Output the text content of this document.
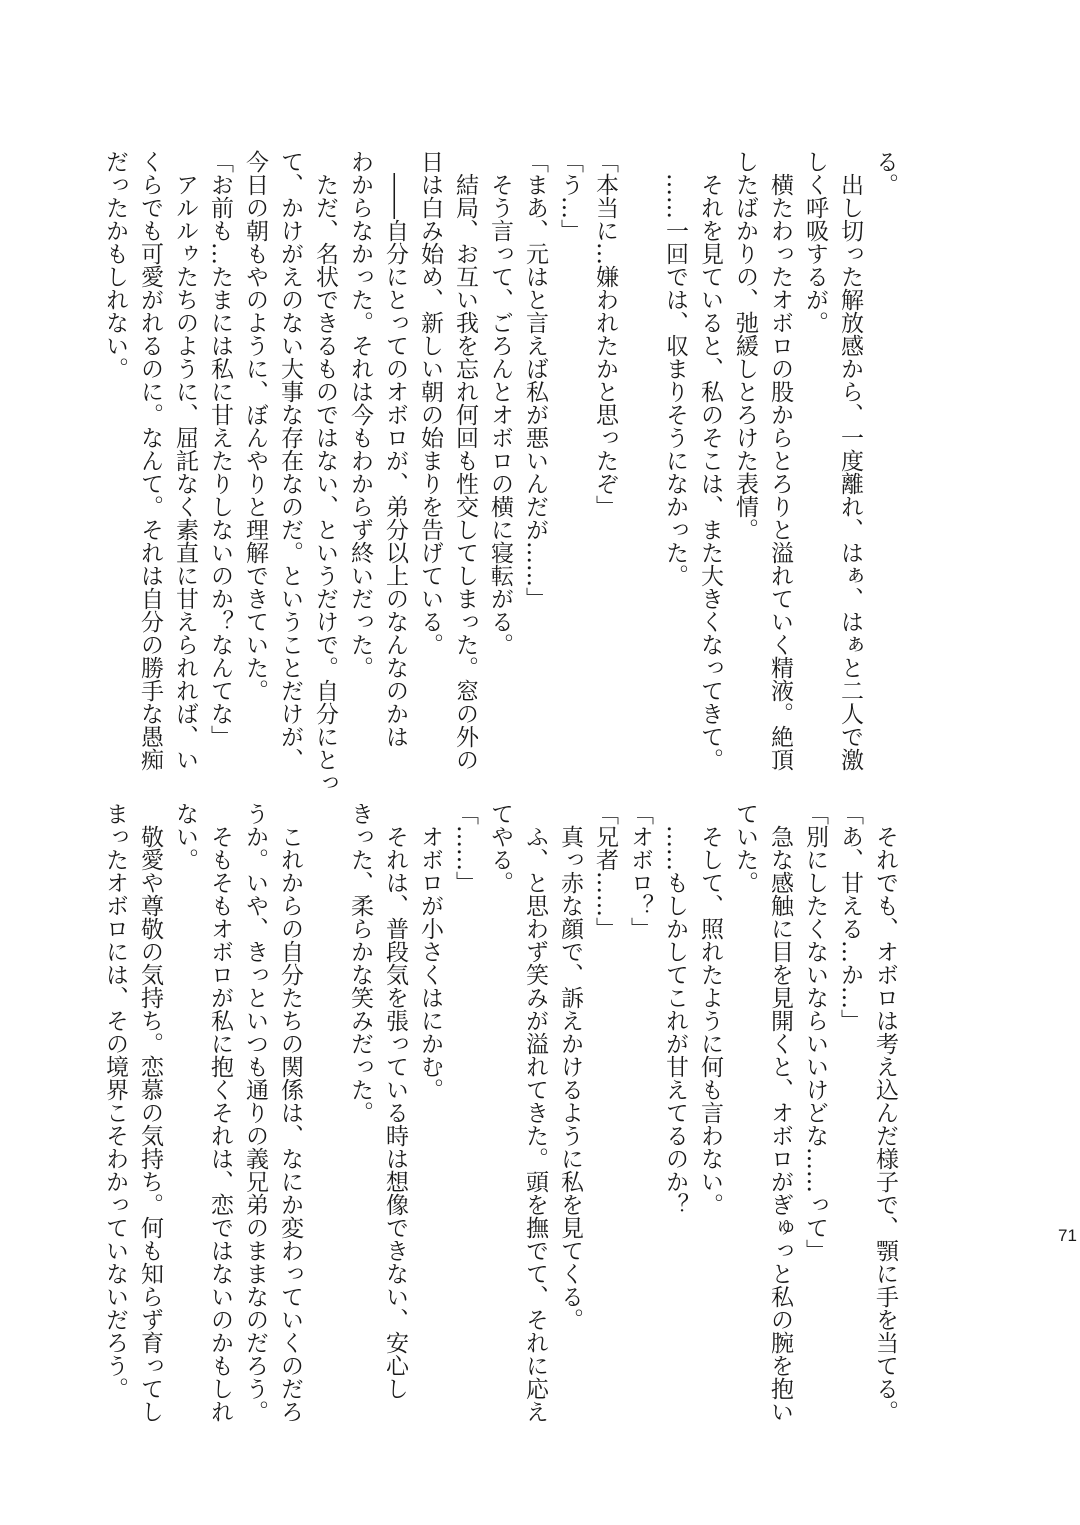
る。
　出し切った解放感から、一度離れ、はぁ、はぁと二人で激
しく呼吸するが。
　横たわったオボロの股からとろりと溢れていく精液。絶頂
したばかりの、弛緩しとろけた表情。
　それを見ていると、私のそこは、また大きくなってきて。
　……一回では、収まりそうになかった。
「本当に…嫌われたかと思ったぞ」
「う…」
「まあ、元はと言えば私が悪いんだが……」
　そう言って、ごろんとオボロの横に寝転がる。
　結局、お互い我を忘れ何回も性交してしまった。窓の外の
日は白み始め、新しい朝の始まりを告げている。
　――自分にとってのオボロが、弟分以上のなんなのかは
わからなかった。それは今もわからず終いだった。
　ただ、名状できるものではない、というだけで。自分にとっ
て、かけがえのない大事な存在なのだ。ということだけが、
今日の朝もやのように、ぼんやりと理解できていた。
「お前も…たまには私に甘えたりしないのか？なんてな」
　アルルゥたちのように、屈託なく素直に甘えられれば、い
くらでも可愛がれるのに。なんて。それは自分の勝手な愚痴
だったかもしれない。
　それでも、オボロは考え込んだ様子で、顎に手を当てる。
「あ、甘える…か…」
「別にしたくないならいいけどな……って」
　急な感触に目を見開くと、オボロがぎゅっと私の腕を抱い
ていた。
　そして、照れたように何も言わない。
　……もしかしてこれが甘えてるのか？
「オボロ？」
「兄者……」
　真っ赤な顔で、訴えかけるように私を見てくる。
　ふ、と思わず笑みが溢れてきた。頭を撫でて、それに応え
てやる。
「……」
　オボロが小さくはにかむ。
　それは、普段気を張っている時は想像できない、安心し
きった、柔らかな笑みだった。
　これからの自分たちの関係は、なにか変わっていくのだろ
うか。いや、きっといつも通りの義兄弟のままなのだろう。
　そもそもオボロが私に抱くそれは、恋ではないのかもしれ
ない。
　敬愛や尊敬の気持ち。恋慕の気持ち。何も知らず育ってし
まったオボロには、その境界こそわかっていないだろう。	71
